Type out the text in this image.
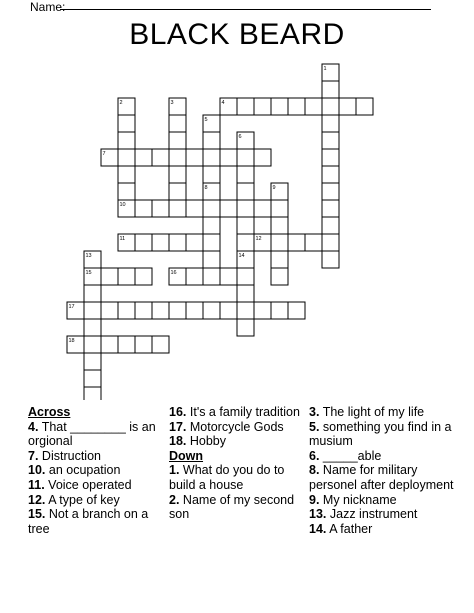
Name:
BLACK BEARD
1
2	3	4
5
6
7
8	9
10
11	12
13	14
15	16
17
18
Across
4. That ________ is an orgional
7. Distruction
10. an ocupation
11. Voice operated
12. A type of key
15. Not a branch on a tree
16. It's a family tradition
17. Motorcycle Gods
18. Hobby
Down
1. What do you do to build a house
2. Name of my second son
3. The light of my life
5. something you find in a musium
6. _____able
8. Name for military personel after deployment
9. My nickname
13. Jazz instrument
14. A father
